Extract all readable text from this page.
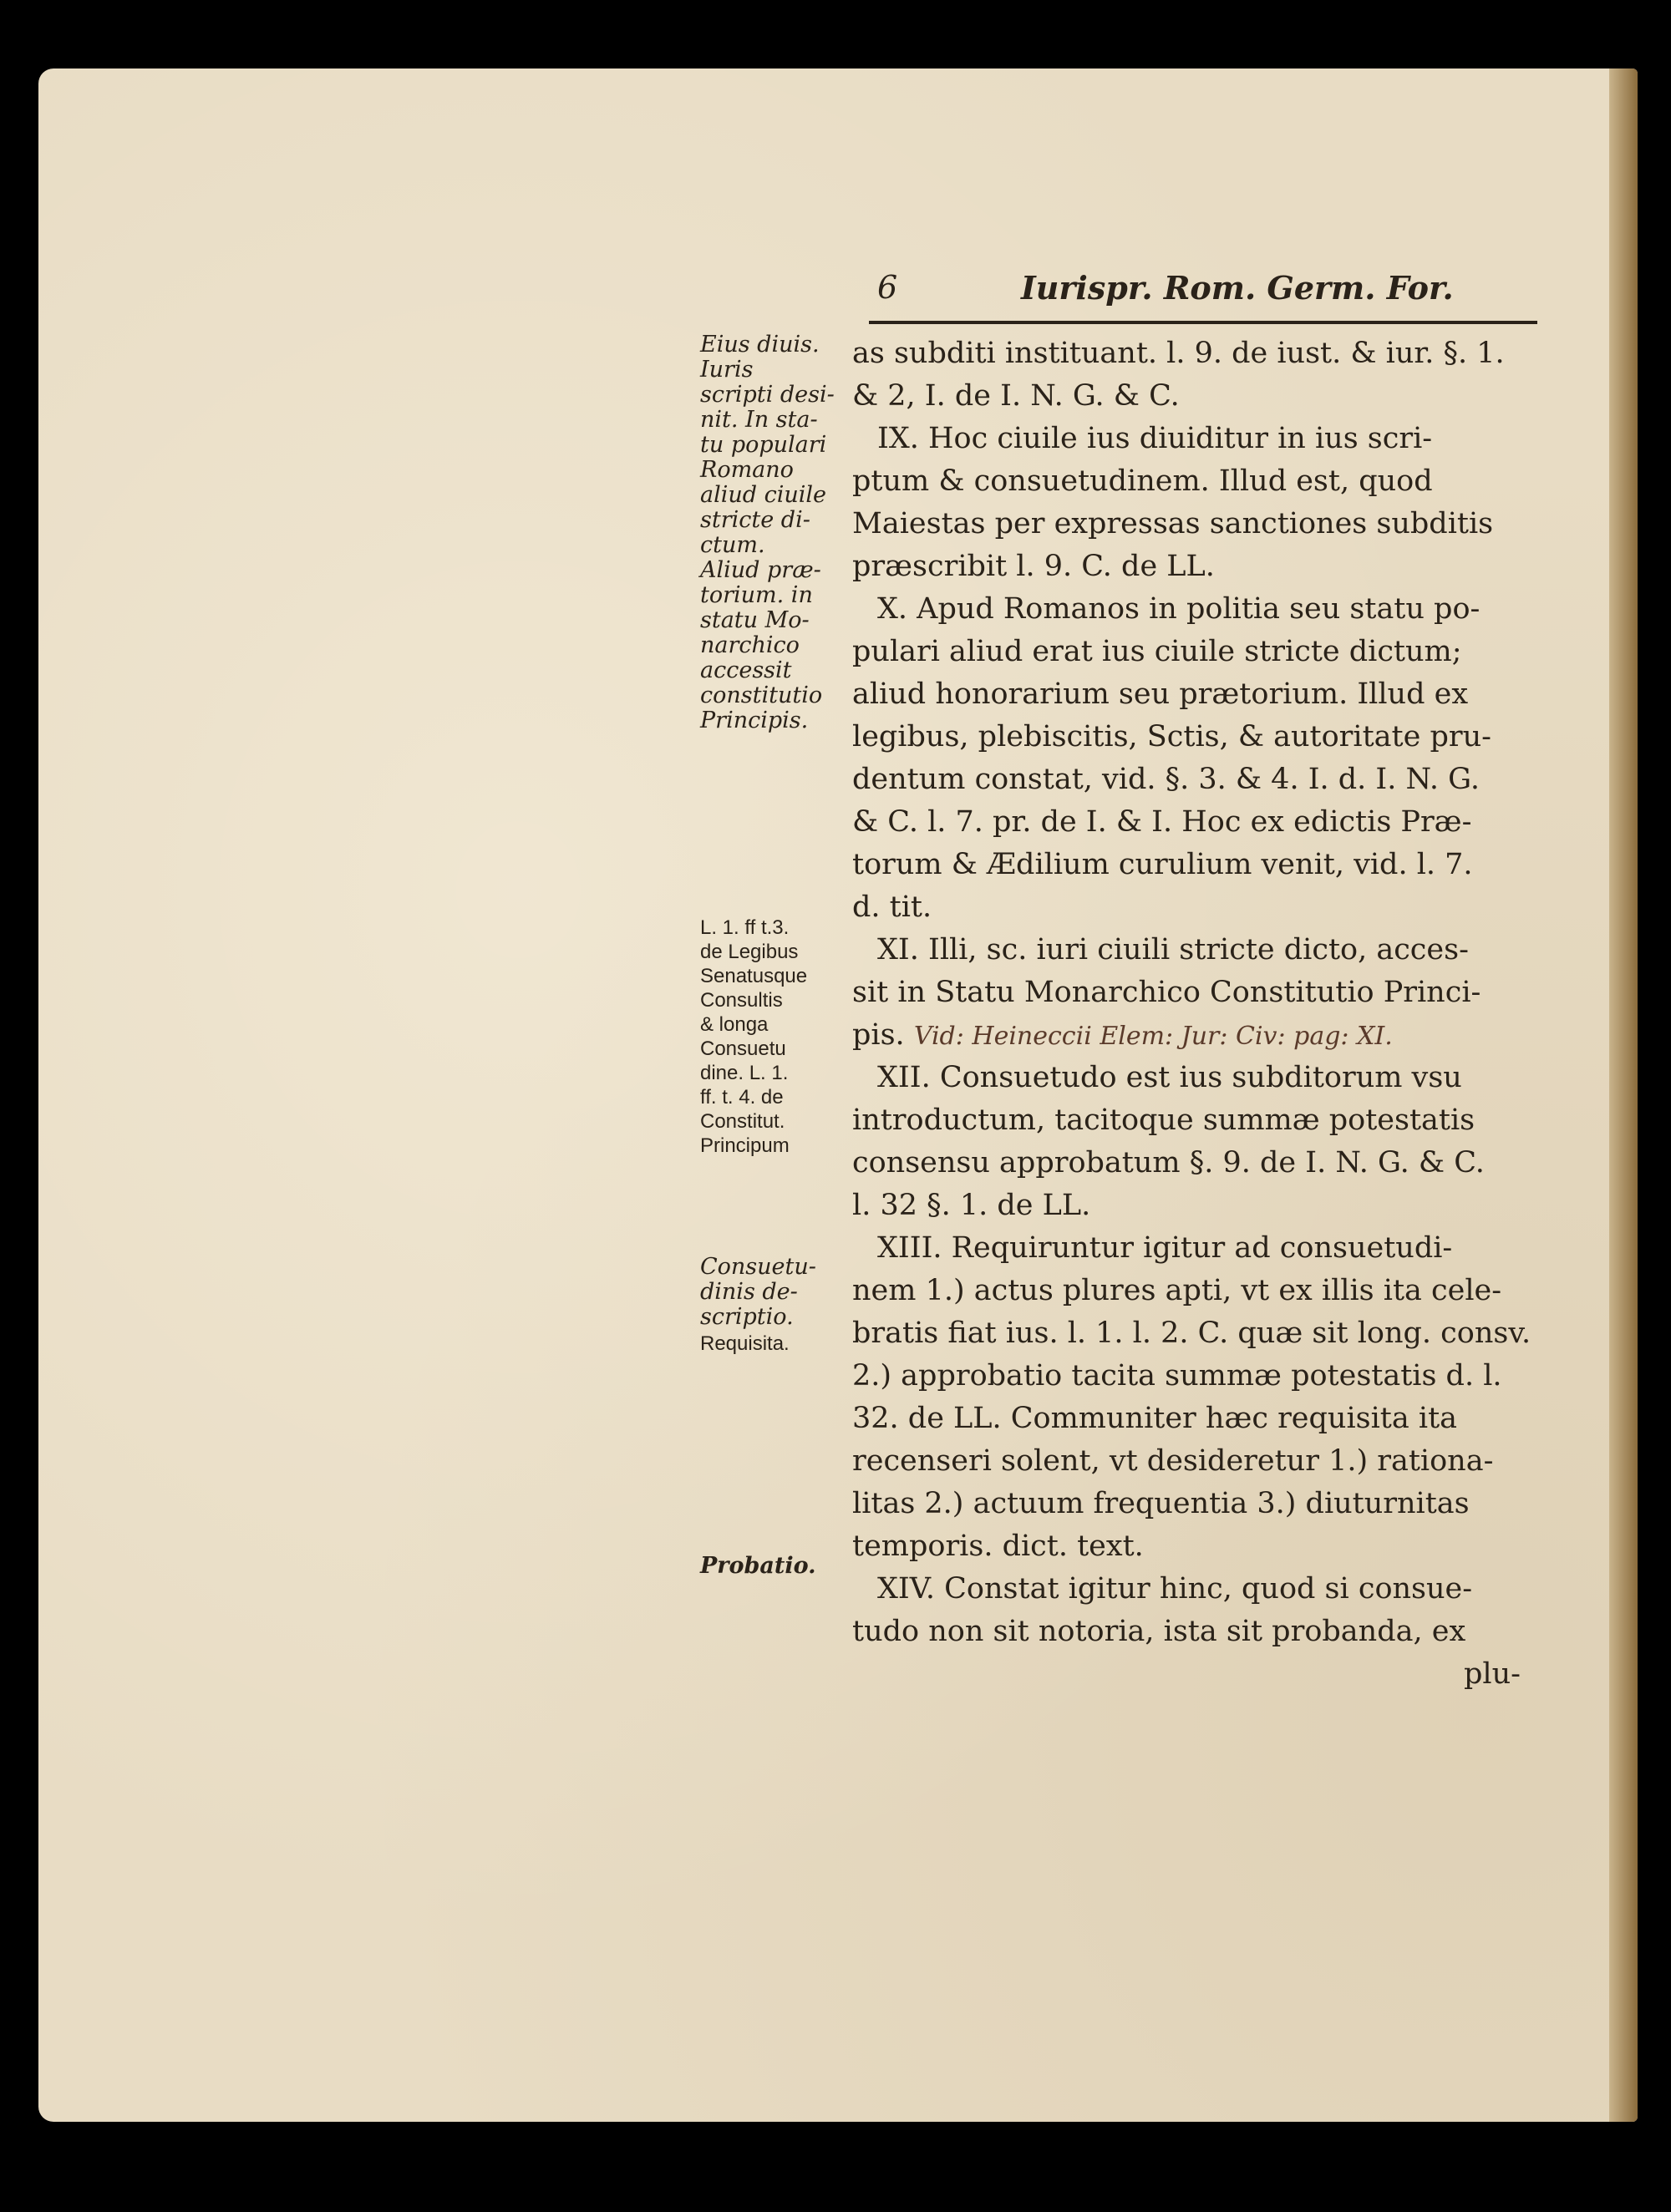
6	Iurispr. Rom. Germ. For.
Eius diuis.
Iuris
scripti desi-
nit. In sta-
tu populari
Romano
aliud ciuile
stricte di-
ctum.
Aliud præ-
torium. in
statu Mo-
narchico
accessit
constitutio
Principis.
L. 1. ff t.3.
de Legibus
Senatusque
Consultis
& longa
Consuetu
dine. L. 1.
ff. t. 4. de
Constitut.
Principum
Consuetu-
dinis de-
scriptio.
Requisita.
Probatio.
as subditi instituant. l. 9. de iust. & iur. §. 1.
& 2, I. de I. N. G. & C.
IX. Hoc ciuile ius diuiditur in ius scri-
ptum & consuetudinem. Illud est, quod
Maiestas per expressas sanctiones subditis
præscribit l. 9. C. de LL.
X. Apud Romanos in politia seu statu po-
pulari aliud erat ius ciuile stricte dictum;
aliud honorarium seu prætorium. Illud ex
legibus, plebiscitis, Sctis, & autoritate pru-
dentum constat, vid. §. 3. & 4. I. d. I. N. G.
& C. l. 7. pr. de I. & I. Hoc ex edictis Præ-
torum & Ædilium curulium venit, vid. l. 7.
d. tit.
XI. Illi, sc. iuri ciuili stricte dicto, acces-
sit in Statu Monarchico Constitutio Princi-
pis. Vid: Heineccii Elem: Jur: Civ: pag: XI.
XII. Consuetudo est ius subditorum vsu
introductum, tacitoque summæ potestatis
consensu approbatum §. 9. de I. N. G. & C.
l. 32 §. 1. de LL.
XIII. Requiruntur igitur ad consuetudi-
nem 1.) actus plures apti, vt ex illis ita cele-
bratis fiat ius. l. 1. l. 2. C. quæ sit long. consv.
2.) approbatio tacita summæ potestatis d. l.
32. de LL. Communiter hæc requisita ita
recenseri solent, vt desideretur 1.) rationa-
litas 2.) actuum frequentia 3.) diuturnitas
temporis. dict. text.
XIV. Constat igitur hinc, quod si consue-
tudo non sit notoria, ista sit probanda, ex
plu-
